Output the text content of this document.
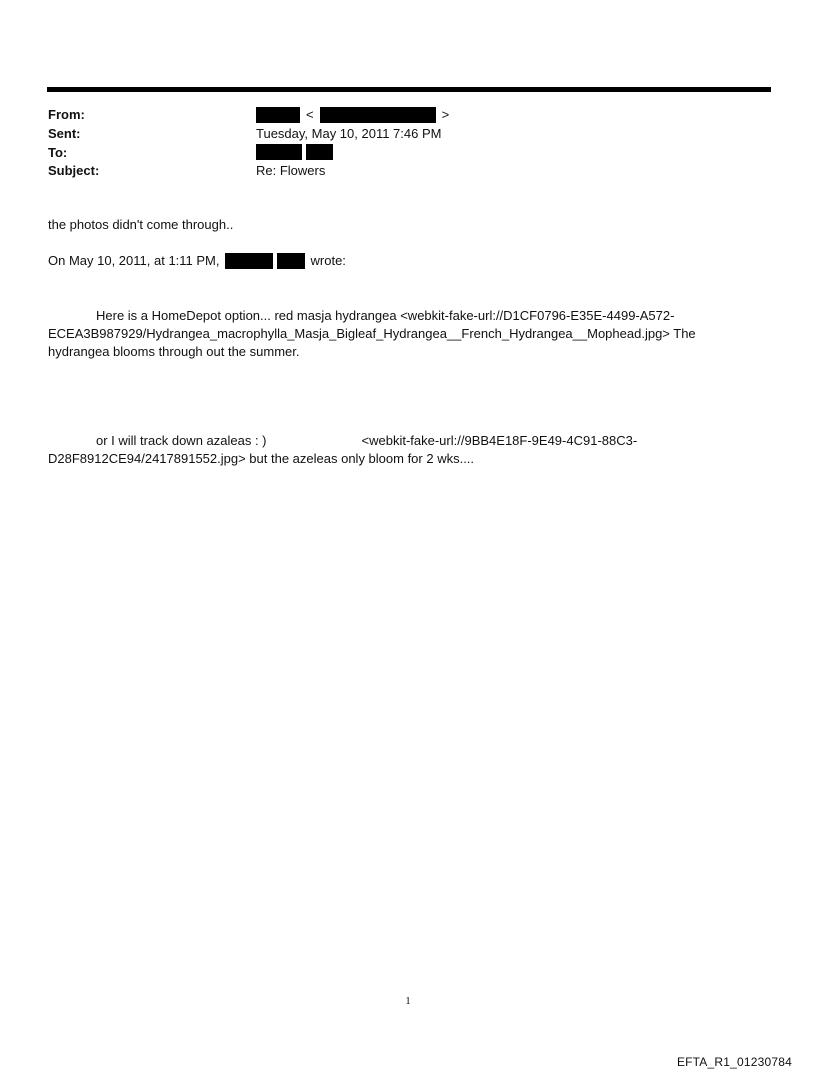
From:	<	>
Sent:	Tuesday, May 10, 2011 7:46 PM
To:
Subject:	Re: Flowers
the photos didn't come through..
On May 10, 2011, at 1:11 PM,	wrote:
Here is a HomeDepot option... red masja hydrangea <webkit-fake-url://D1CF0796-E35E-4499-A572-
ECEA3B987929/Hydrangea_macrophylla_Masja_Bigleaf_Hydrangea__French_Hydrangea__Mophead.jpg> The
hydrangea blooms through out the summer.
or I will track down azaleas : )	<webkit-fake-url://9BB4E18F-9E49-4C91-88C3-
D28F8912CE94/2417891552.jpg> but the azeleas only bloom for 2 wks....
1
EFTA_R1_01230784
